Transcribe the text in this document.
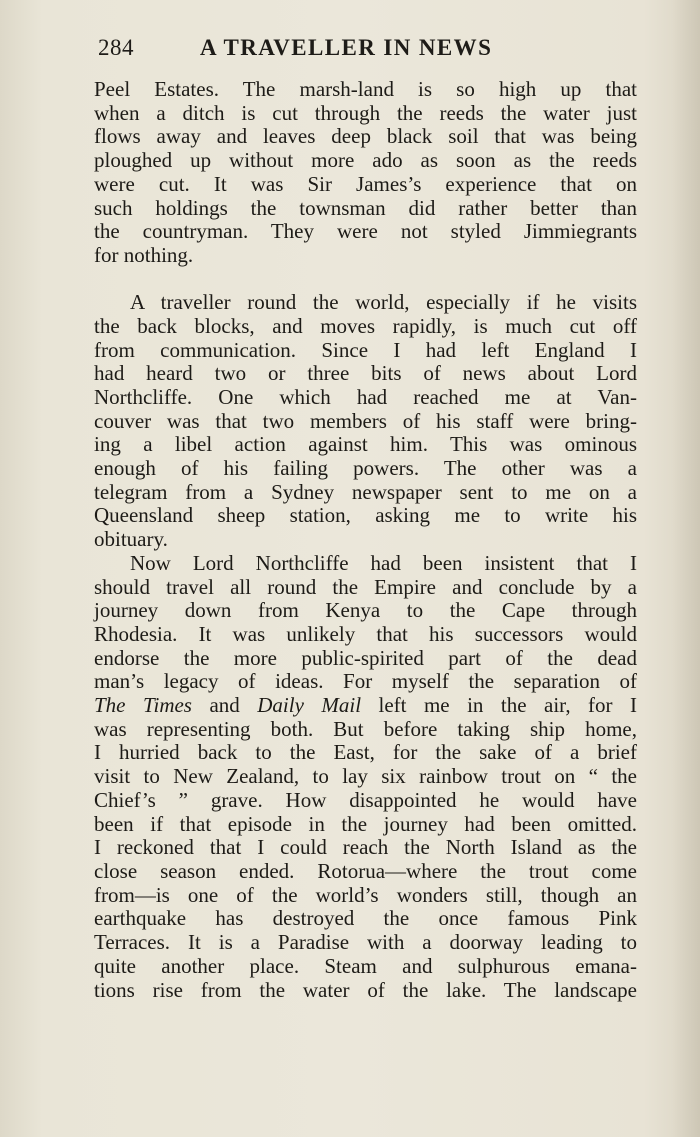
284	A TRAVELLER IN NEWS
Peel Estates. The marsh-land is so high up that
when a ditch is cut through the reeds the water just
flows away and leaves deep black soil that was being
ploughed up without more ado as soon as the reeds
were cut. It was Sir James’s experience that on
such holdings the townsman did rather better than
the countryman. They were not styled Jimmiegrants
for nothing.
A traveller round the world, especially if he visits
the back blocks, and moves rapidly, is much cut off
from communication. Since I had left England I
had heard two or three bits of news about Lord
Northcliffe. One which had reached me at Van-
couver was that two members of his staff were bring-
ing a libel action against him. This was ominous
enough of his failing powers. The other was a
telegram from a Sydney newspaper sent to me on a
Queensland sheep station, asking me to write his
obituary.
Now Lord Northcliffe had been insistent that I
should travel all round the Empire and conclude by a
journey down from Kenya to the Cape through
Rhodesia. It was unlikely that his successors would
endorse the more public-spirited part of the dead
man’s legacy of ideas. For myself the separation of
The Times and Daily Mail left me in the air, for I
was representing both. But before taking ship home,
I hurried back to the East, for the sake of a brief
visit to New Zealand, to lay six rainbow trout on “ the
Chief’s ” grave. How disappointed he would have
been if that episode in the journey had been omitted.
I reckoned that I could reach the North Island as the
close season ended. Rotorua—where the trout come
from—is one of the world’s wonders still, though an
earthquake has destroyed the once famous Pink
Terraces. It is a Paradise with a doorway leading to
quite another place. Steam and sulphurous emana-
tions rise from the water of the lake. The landscape
